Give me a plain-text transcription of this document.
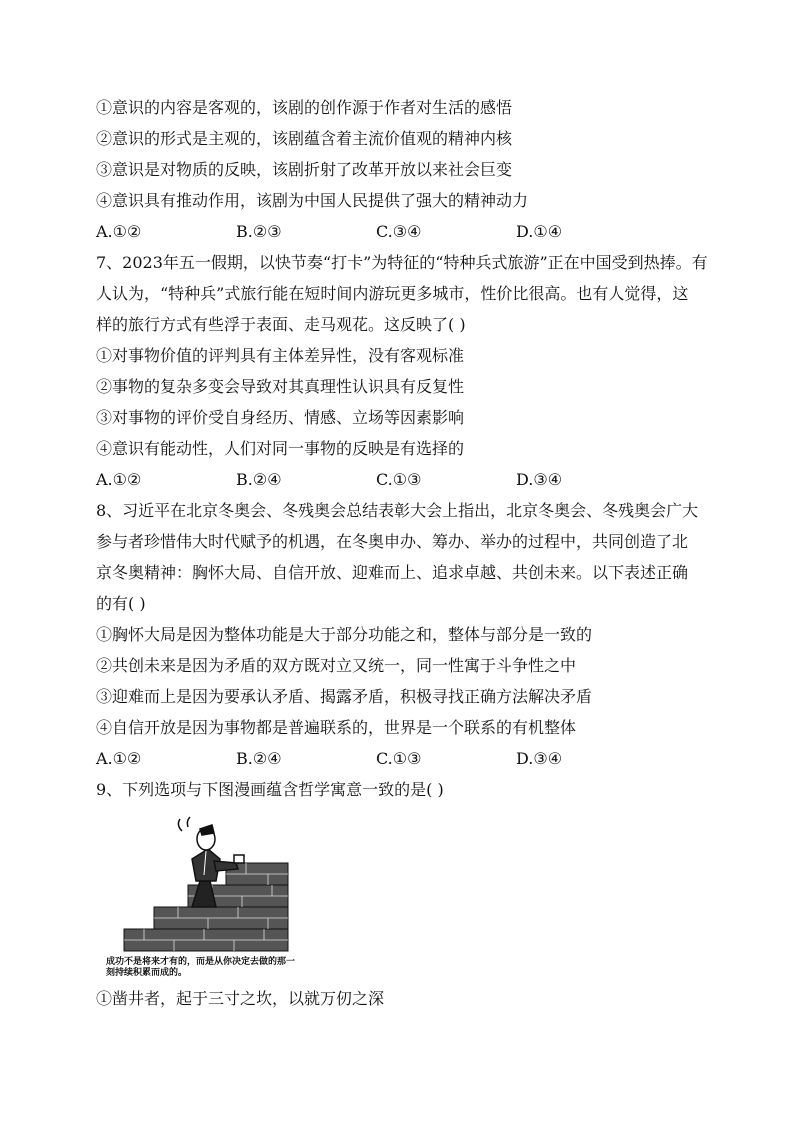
①意识的内容是客观的，该剧的创作源于作者对生活的感悟
②意识的形式是主观的，该剧蕴含着主流价值观的精神内核
③意识是对物质的反映，该剧折射了改革开放以来社会巨变
④意识具有推动作用，该剧为中国人民提供了强大的精神动力
A.①②	B.②③	C.③④	D.①④
7、2023年五一假期，以快节奏“打卡”为特征的“特种兵式旅游”正在中国受到热捧。有
人认为，“特种兵”式旅行能在短时间内游玩更多城市，性价比很高。也有人觉得，这
样的旅行方式有些浮于表面、走马观花。这反映了( )
①对事物价值的评判具有主体差异性，没有客观标准
②事物的复杂多变会导致对其真理性认识具有反复性
③对事物的评价受自身经历、情感、立场等因素影响
④意识有能动性，人们对同一事物的反映是有选择的
A.①②	B.②④	C.①③	D.③④
8、习近平在北京冬奥会、冬残奥会总结表彰大会上指出，北京冬奥会、冬残奥会广大
参与者珍惜伟大时代赋予的机遇，在冬奥申办、筹办、举办的过程中，共同创造了北
京冬奥精神：胸怀大局、自信开放、迎难而上、追求卓越、共创未来。以下表述正确
的有( )
①胸怀大局是因为整体功能是大于部分功能之和，整体与部分是一致的
②共创未来是因为矛盾的双方既对立又统一，同一性寓于斗争性之中
③迎难而上是因为要承认矛盾、揭露矛盾，积极寻找正确方法解决矛盾
④自信开放是因为事物都是普遍联系的，世界是一个联系的有机整体
A.①②	B.②④	C.①③	D.③④
9、下列选项与下图漫画蕴含哲学寓意一致的是( )
成功不是将来才有的，而是从你决定去做的那一刻持续积累而成的。
①凿井者，起于三寸之坎，以就万仞之深
